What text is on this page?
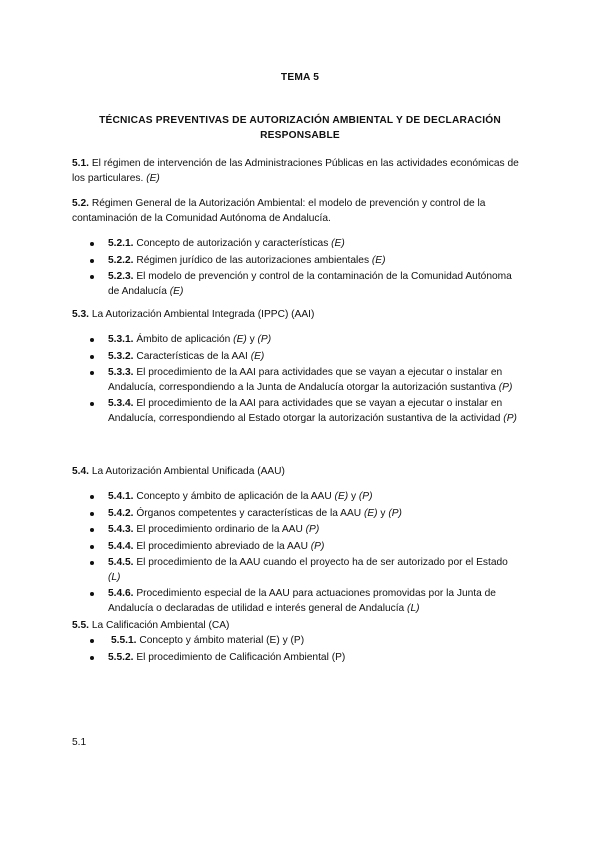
TEMA 5
TÉCNICAS PREVENTIVAS DE AUTORIZACIÓN AMBIENTAL Y DE DECLARACIÓN RESPONSABLE
5.1. El régimen de intervención de las Administraciones Públicas en las actividades económicas de los particulares. (E)
5.2. Régimen General de la Autorización Ambiental: el modelo de prevención y control de la contaminación de la Comunidad Autónoma de Andalucía.
5.2.1. Concepto de autorización y características (E)
5.2.2. Régimen jurídico de las autorizaciones ambientales (E)
5.2.3. El modelo de prevención y control de la contaminación de la Comunidad Autónoma de Andalucía (E)
5.3. La Autorización Ambiental Integrada (IPPC) (AAI)
5.3.1. Ámbito de aplicación (E) y (P)
5.3.2. Características de la AAI (E)
5.3.3. El procedimiento de la AAI para actividades que se vayan a ejecutar o instalar en Andalucía, correspondiendo a la Junta de Andalucía otorgar la autorización sustantiva (P)
5.3.4. El procedimiento de la AAI para actividades que se vayan a ejecutar o instalar en Andalucía, correspondiendo al Estado otorgar la autorización sustantiva de la actividad (P)
5.4. La Autorización Ambiental Unificada (AAU)
5.4.1. Concepto y ámbito de aplicación de la AAU (E) y (P)
5.4.2. Órganos competentes y características de la AAU (E) y (P)
5.4.3. El procedimiento ordinario de la AAU (P)
5.4.4. El procedimiento abreviado de la AAU (P)
5.4.5. El procedimiento de la AAU cuando el proyecto ha de ser autorizado por el Estado (L)
5.4.6. Procedimiento especial de la AAU para actuaciones promovidas por la Junta de Andalucía o declaradas de utilidad e interés general de Andalucía (L)
5.5. La Calificación Ambiental (CA)
5.5.1. Concepto y ámbito material (E) y (P)
5.5.2. El procedimiento de Calificación Ambiental (P)
5.1
